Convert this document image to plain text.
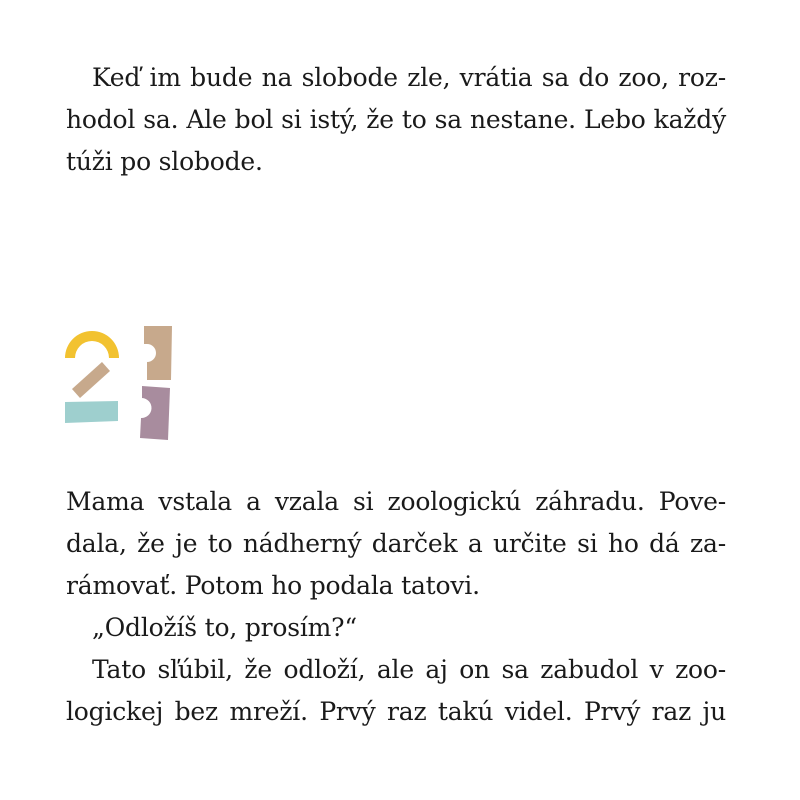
Keď im bude na slobode zle, vrátia sa do zoo, roz-
hodol sa. Ale bol si istý, že to sa nestane. Lebo každý
túži po slobode.
Mama vstala a vzala si zoologickú záhradu. Pove-
dala, že je to nádherný darček a určite si ho dá za-
rámovať. Potom ho podala tatovi.
„Odložíš to, prosím?“
Tato sľúbil, že odloží, ale aj on sa zabudol v zoo-
logickej bez mreží. Prvý raz takú videl. Prvý raz ju
